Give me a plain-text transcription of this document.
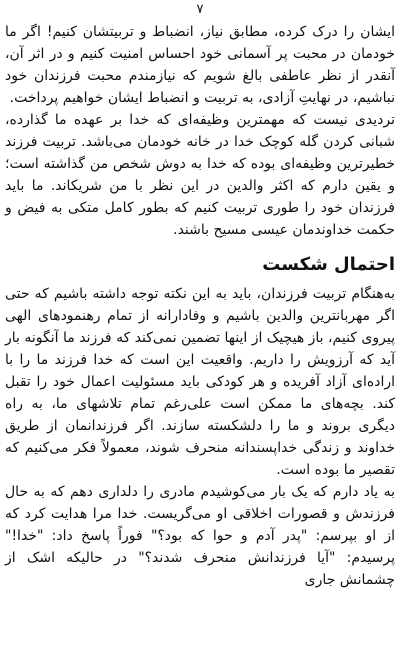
۷

ایشان را درک کرده، مطابق نیاز، انضباط و تربیتشان کنیم! اگر ما خودمان در محبت پر آسمانی خود احساس امنیت کنیم و در اثر آن، آنقدر از نظر عاطفی بالغ شویم که نیازمندم محبت فرزندان خود نباشیم، در نهایتِ آزادی، به تربیت و انضباط ایشان خواهیم پرداخت.

تردیدی نیست که مهمترین وظیفه‌ای که خدا بر عهده ما گذارده، شبانی کردن گله کوچک خدا در خانه خودمان می‌باشد. تربیت فرزند خطیرترین وظیفه‌ای بوده که خدا به دوش شخص من گذاشته است؛ و یقین دارم که اکثر والدین در این نظر با من شریکاند. ما باید فرزندان خود را طوری تربیت کنیم که بطور کامل متکی به فیض و حکمت خداوندمان عیسی مسیح باشند.

احتمال شکست

به‌هنگام تربیت فرزندان، باید به این نکته توجه داشته باشیم که حتی اگر مهربانترین والدین باشیم و وفادارانه از تمام رهنمودهای الهی پیروی کنیم، باز هیچیک از اینها تضمین نمی‌کند که فرزند ما آنگونه بار آید که آرزویش را داریم. واقعیت این است که خدا فرزند ما را با اراده‌ای آزاد آفریده و هر کودکی باید مسئولیت اعمال خود را تقبل کند. بچه‌های ما ممکن است علی‌رغم تمام تلاشهای ما، به راه دیگری بروند و ما را دلشکسته سازند. اگر فرزندانمان از طریق خداوند و زندگی خداپسندانه منحرف شوند، معمولاً فکر می‌کنیم که تقصیر ما بوده است.

به یاد دارم که یک بار می‌کوشیدم مادری را دلداری دهم که به حال فرزندش و قصورات اخلاقی او می‌گریست. خدا مرا هدایت کرد که از او بپرسم: "پدر آدم و حوا که بود؟" فوراً پاسخ داد: "خدا!" پرسیدم: "آیا فرزندانش منحرف شدند؟" در حالیکه اشک از چشمانش جاری
